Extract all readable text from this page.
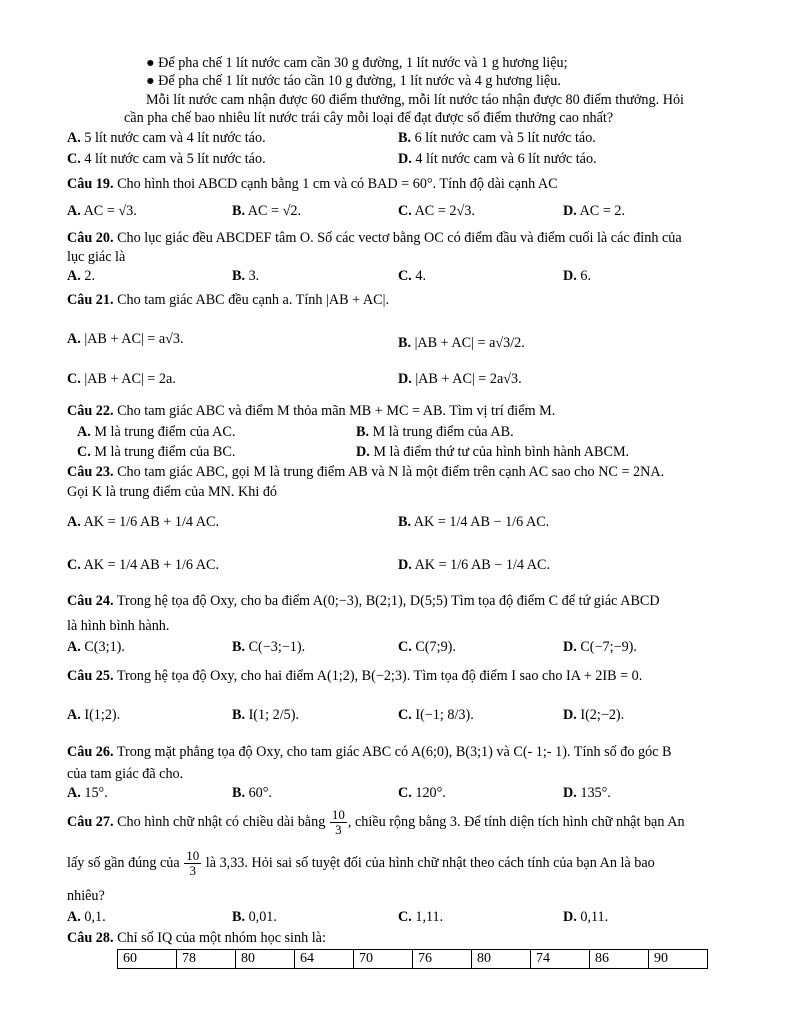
● Để pha chế 1 lít nước cam cần 30 g đường, 1 lít nước và 1 g hương liệu;
● Để pha chế 1 lít nước táo cần 10 g đường, 1 lít nước và 4 g hương liệu.
Mỗi lít nước cam nhận được 60 điểm thưởng, mỗi lít nước táo nhận được 80 điểm thưởng. Hỏi
cần pha chế bao nhiêu lít nước trái cây mỗi loại để đạt được số điểm thưởng cao nhất?
A. 5 lít nước cam và 4 lít nước táo.	B. 6 lít nước cam và 5 lít nước táo.
C. 4 lít nước cam và 5 lít nước táo.	D. 4 lít nước cam và 6 lít nước táo.
Câu 19. Cho hình thoi ABCD cạnh bằng 1 cm và có BAD = 60°. Tính độ dài cạnh AC
A. AC = √3.	B. AC = √2.	C. AC = 2√3.	D. AC = 2.
Câu 20. Cho lục giác đều ABCDEF tâm O. Số các vectơ bằng OC có điểm đầu và điểm cuối là các đỉnh của
lục giác là
A. 2.	B. 3.	C. 4.	D. 6.
Câu 21. Cho tam giác ABC đều cạnh a. Tính |AB + AC|.
A. |AB + AC| = a√3.	B. |AB + AC| = a√3/2.
C. |AB + AC| = 2a.	D. |AB + AC| = 2a√3.
Câu 22. Cho tam giác ABC và điểm M thỏa mãn MB + MC = AB. Tìm vị trí điểm M.
A. M là trung điểm của AC.	B. M là trung điểm của AB.
C. M là trung điểm của BC.	D. M là điểm thứ tư của hình bình hành ABCM.
Câu 23. Cho tam giác ABC, gọi M là trung điểm AB và N là một điểm trên cạnh AC sao cho NC = 2NA.
Gọi K là trung điểm của MN. Khi đó
A. AK = 1/6 AB + 1/4 AC.	B. AK = 1/4 AB − 1/6 AC.
C. AK = 1/4 AB + 1/6 AC.	D. AK = 1/6 AB − 1/4 AC.
Câu 24. Trong hệ tọa độ Oxy, cho ba điểm A(0;−3), B(2;1), D(5;5) Tìm tọa độ điểm C để tứ giác ABCD
là hình bình hành.
A. C(3;1).	B. C(−3;−1).	C. C(7;9).	D. C(−7;−9).
Câu 25. Trong hệ tọa độ Oxy, cho hai điểm A(1;2), B(−2;3). Tìm tọa độ điểm I sao cho IA + 2IB = 0.
A. I(1;2).	B. I(1; 2/5).	C. I(−1; 8/3).	D. I(2;−2).
Câu 26. Trong mặt phẳng tọa độ Oxy, cho tam giác ABC có A(6;0), B(3;1) và C(- 1;- 1). Tính số đo góc B
của tam giác đã cho.
A. 15°.	B. 60°.	C. 120°.	D. 135°.
Câu 27. Cho hình chữ nhật có chiều dài bằng $\frac{10}{3}$ , chiều rộng bằng 3. Để tính diện tích hình chữ nhật bạn An
lấy số gần đúng của $\frac{10}{3}$ là 3,33. Hỏi sai số tuyệt đối của hình chữ nhật theo cách tính của bạn An là bao
nhiêu?
A. 0,1.	B. 0,01.	C. 1,11.	D. 0,11.
Câu 28. Chỉ số IQ của một nhóm học sinh là:
60	78	80	64	70	76	80	74	86	90
